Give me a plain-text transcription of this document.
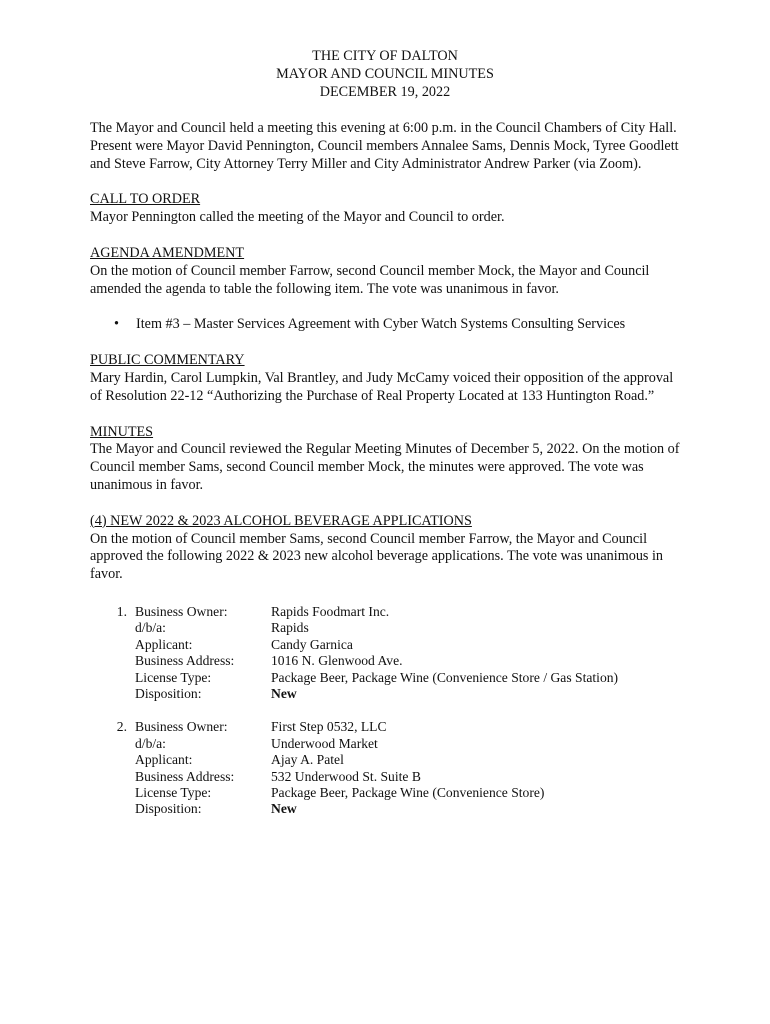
THE CITY OF DALTON
MAYOR AND COUNCIL MINUTES
DECEMBER 19, 2022

The Mayor and Council held a meeting this evening at 6:00 p.m. in the Council Chambers of City Hall. Present were Mayor David Pennington, Council members Annalee Sams, Dennis Mock, Tyree Goodlett and Steve Farrow, City Attorney Terry Miller and City Administrator Andrew Parker (via Zoom).

CALL TO ORDER

Mayor Pennington called the meeting of the Mayor and Council to order.

AGENDA AMENDMENT

On the motion of Council member Farrow, second Council member Mock, the Mayor and Council amended the agenda to table the following item. The vote was unanimous in favor.

• Item #3 – Master Services Agreement with Cyber Watch Systems Consulting Services
PUBLIC COMMENTARY

Mary Hardin, Carol Lumpkin, Val Brantley, and Judy McCamy voiced their opposition of the approval of Resolution 22-12 “Authorizing the Purchase of Real Property Located at 133 Huntington Road.”

MINUTES

The Mayor and Council reviewed the Regular Meeting Minutes of December 5, 2022. On the motion of Council member Sams, second Council member Mock, the minutes were approved. The vote was unanimous in favor.

(4) NEW 2022 & 2023 ALCOHOL BEVERAGE APPLICATIONS

On the motion of Council member Sams, second Council member Farrow, the Mayor and Council approved the following 2022 & 2023 new alcohol beverage applications. The vote was unanimous in favor.

1. Business Owner:
d/b/a:
Applicant:
Business Address:
License Type:
Disposition:
Rapids Foodmart Inc.
Rapids
Candy Garnica
1016 N. Glenwood Ave.
Package Beer, Package Wine (Convenience Store / Gas Station)
New
2. Business Owner:
d/b/a:
Applicant:
Business Address:
License Type:
Disposition:
First Step 0532, LLC
Underwood Market
Ajay A. Patel
532 Underwood St. Suite B
Package Beer, Package Wine (Convenience Store)
New
